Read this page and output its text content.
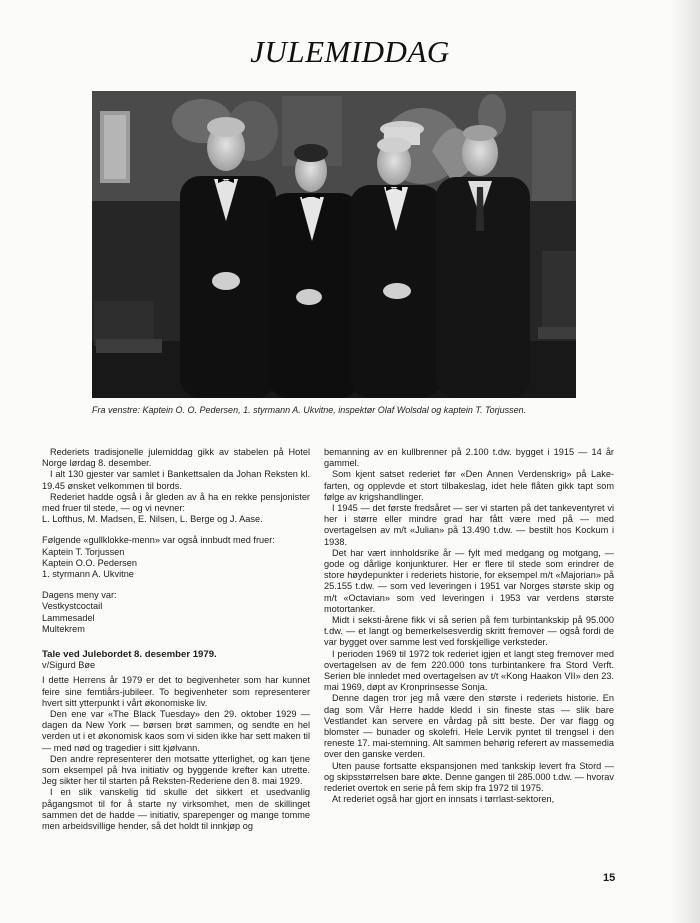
JULEMIDDAG
Fra venstre: Kaptein O. O. Pedersen, 1. styrmann A. Ukvitne, inspektør Olaf Wolsdal og kaptein T. Torjussen.

Rederiets tradisjonelle julemiddag gikk av stabelen på Hotel Norge lørdag 8. desember.

I alt 130 gjester var samlet i Bankettsalen da Johan Reksten kl. 19.45 ønsket velkommen til bords.

Rederiet hadde også i år gleden av å ha en rekke pensjonister med fruer til stede, — og vi nevner:

L. Lofthus, M. Madsen, E. Nilsen, L. Berge og J. Aase.

Følgende «gullklokke-menn» var også innbudt med fruer:

Kaptein T. Torjussen
Kaptein O.O. Pedersen
1. styrmann A. Ukvitne
Dagens meny var:
Vestkystcoctail
Lammesadel
Multekrem
Tale ved Julebordet 8. desember 1979.
v/Sigurd Bøe

I dette Herrens år 1979 er det to begivenheter som har kunnet feire sine femtiårs-jubileer. To begivenheter som representerer hvert sitt ytterpunkt i vårt økonomiske liv.

Den ene var «The Black Tuesday» den 29. oktober 1929 — dagen da New York — børsen brøt sammen, og sendte en hel verden ut i et økonomisk kaos som vi siden ikke har sett maken til — med nød og tragedier i sitt kjølvann.

Den andre representerer den motsatte ytterlighet, og kan tjene som eksempel på hva initiativ og byggende krefter kan utrette. Jeg sikter her til starten på Reksten-Rederiene den 8. mai 1929.

I en slik vanskelig tid skulle det sikkert et usedvanlig pågangsmot til for å starte ny virksomhet, men de skillinget sammen det de hadde — initiativ, sparepenger og mange tomme men arbeidsvillige hender, så det holdt til innkjøp og

bemanning av en kullbrenner på 2.100 t.dw. bygget i 1915 — 14 år gammel.

Som kjent satset rederiet før «Den Annen Verdenskrig» på Lake-farten, og opplevde et stort tilbakeslag, idet hele flåten gikk tapt som følge av krigshandlinger.

I 1945 — det første fredsåret — ser vi starten på det tankeventyret vi her i større eller mindre grad har fått være med på — med overtagelsen av m/t «Julian» på 13.490 t.dw. — bestilt hos Kockum i 1938.

Det har vært innholdsrike år — fylt med medgang og motgang, — gode og dårlige konjunkturer. Her er flere til stede som erindrer de store høydepunkter i rederiets historie, for eksempel m/t «Majorian» på 25.155 t.dw. — som ved leveringen i 1951 var Norges største skip og m/t «Octavian» som ved leveringen i 1953 var verdens største motortanker.

Midt i seksti-årene fikk vi så serien på fem turbintankskip på 95.000 t.dw. — et langt og bemerkelsesverdig skritt fremover — også fordi de var bygget over samme lest ved forskjellige verksteder.

I perioden 1969 til 1972 tok rederiet igjen et langt steg fremover med overtagelsen av de fem 220.000 tons turbintankere fra Stord Verft. Serien ble innledet med overtagelsen av t/t «Kong Haakon VII» den 23. mai 1969, døpt av Kronprinsesse Sonja.

Denne dagen tror jeg må være den største i rederiets historie. En dag som Vår Herre hadde kledd i sin fineste stas — slik bare Vestlandet kan servere en vårdag på sitt beste. Der var flagg og blomster — bunader og skolefri. Hele Lervik pyntet til trengsel i den reneste 17. mai-stemning. Alt sammen behørig referert av massemedia over den ganske verden.

Uten pause fortsatte ekspansjonen med tankskip levert fra Stord — og skipsstørrelsen bare økte. Denne gangen til 285.000 t.dw. — hvorav rederiet overtok en serie på fem skip fra 1972 til 1975.

At rederiet også har gjort en innsats i tørrlast-sektoren,

15
